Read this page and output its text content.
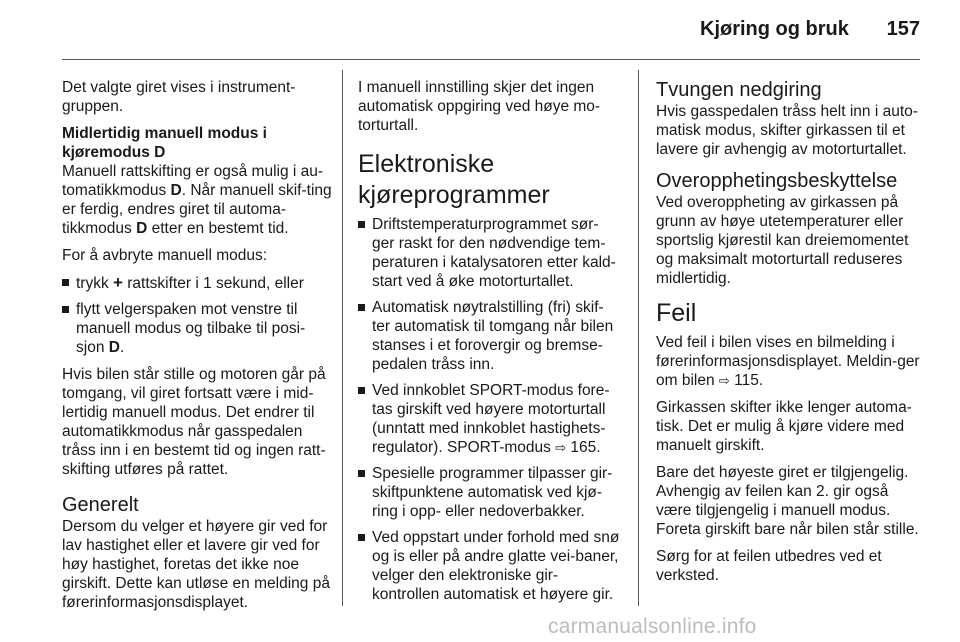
Kjøring og bruk 157

Det valgte giret vises i instrument-gruppen.

Midlertidig manuell modus i kjøremodus D

Manuell rattskifting er også mulig i au-tomatikkmodus D. Når manuell skif-ting er ferdig, endres giret til automa-tikkmodus D etter en bestemt tid.

For å avbryte manuell modus:

trykk + rattskifter i 1 sekund, eller
flytt velgerspaken mot venstre til manuell modus og tilbake til posi-sjon D.

Hvis bilen står stille og motoren går på tomgang, vil giret fortsatt være i mid-lertidig manuell modus. Det endrer til automatikkmodus når gasspedalen tråss inn i en bestemt tid og ingen ratt-skifting utføres på rattet.

Generelt

Dersom du velger et høyere gir ved for lav hastighet eller et lavere gir ved for høy hastighet, foretas det ikke noe girskift. Dette kan utløse en melding på førerinformasjonsdisplayet.

I manuell innstilling skjer det ingen automatisk oppgiring ved høye mo-torturtall.

Elektroniske kjøreprogrammer
Driftstemperaturprogrammet sør-ger raskt for den nødvendige tem-peraturen i katalysatoren etter kald-start ved å øke motorturtallet.
Automatisk nøytralstilling (fri) skif-ter automatisk til tomgang når bilen stanses i et forovergir og bremse-pedalen tråss inn.
Ved innkoblet SPORT-modus fore-tas girskift ved høyere motorturtall (unntatt med innkoblet hastighets-regulator). SPORT-modus ⇨ 165.
Spesielle programmer tilpasser gir-skiftpunktene automatisk ved kjø-ring i opp- eller nedoverbakker.
Ved oppstart under forhold med snø og is eller på andre glatte vei-baner, velger den elektroniske gir-kontrollen automatisk et høyere gir.
Tvungen nedgiring

Hvis gasspedalen tråss helt inn i auto-matisk modus, skifter girkassen til et lavere gir avhengig av motorturtallet.

Overopphetingsbeskyttelse

Ved overoppheting av girkassen på grunn av høye utetemperaturer eller sportslig kjørestil kan dreiemomentet og maksimalt motorturtall reduseres midlertidig.

Feil

Ved feil i bilen vises en bilmelding i førerinformasjonsdisplayet. Meldin-ger om bilen ⇨ 115.

Girkassen skifter ikke lenger automa-tisk. Det er mulig å kjøre videre med manuelt girskift.

Bare det høyeste giret er tilgjengelig. Avhengig av feilen kan 2. gir også være tilgjengelig i manuell modus. Foreta girskift bare når bilen står stille.

Sørg for at feilen utbedres ved et verksted.

carmanualsonline.info
